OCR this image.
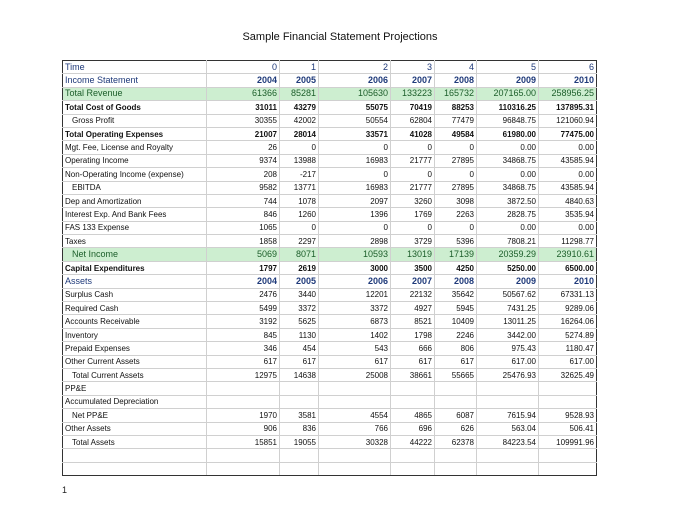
Sample Financial Statement Projections
Time	0	1	2	3	4	5	6
Income Statement	2004	2005	2006	2007	2008	2009	2010
Total Revenue	61366	85281	105630	133223	165732	207165.00	258956.25
Total Cost of Goods	31011	43279	55075	70419	88253	110316.25	137895.31
Gross Profit	30355	42002	50554	62804	77479	96848.75	121060.94
Total Operating Expenses	21007	28014	33571	41028	49584	61980.00	77475.00
Mgt. Fee, License and Royalty	26	0	0	0	0	0.00	0.00
Operating Income	9374	13988	16983	21777	27895	34868.75	43585.94
Non-Operating Income (expense)	208	-217	0	0	0	0.00	0.00
EBITDA	9582	13771	16983	21777	27895	34868.75	43585.94
Dep and Amortization	744	1078	2097	3260	3098	3872.50	4840.63
Interest Exp. And Bank Fees	846	1260	1396	1769	2263	2828.75	3535.94
FAS 133 Expense	1065	0	0	0	0	0.00	0.00
Taxes	1858	2297	2898	3729	5396	7808.21	11298.77
Net Income	5069	8071	10593	13019	17139	20359.29	23910.61
Capital Expenditures	1797	2619	3000	3500	4250	5250.00	6500.00
Assets	2004	2005	2006	2007	2008	2009	2010
Surplus Cash	2476	3440	12201	22132	35642	50567.62	67331.13
Required Cash	5499	3372	3372	4927	5945	7431.25	9289.06
Accounts Receivable	3192	5625	6873	8521	10409	13011.25	16264.06
Inventory	845	1130	1402	1798	2246	3442.00	5274.89
Prepaid Expenses	346	454	543	666	806	975.43	1180.47
Other Current Assets	617	617	617	617	617	617.00	617.00
Total Current Assets	12975	14638	25008	38661	55665	25476.93	32625.49
PP&E							
Accumulated Depreciation							
Net PP&E	1970	3581	4554	4865	6087	7615.94	9528.93
Other Assets	906	836	766	696	626	563.04	506.41
Total Assets	15851	19055	30328	44222	62378	84223.54	109991.96

1
